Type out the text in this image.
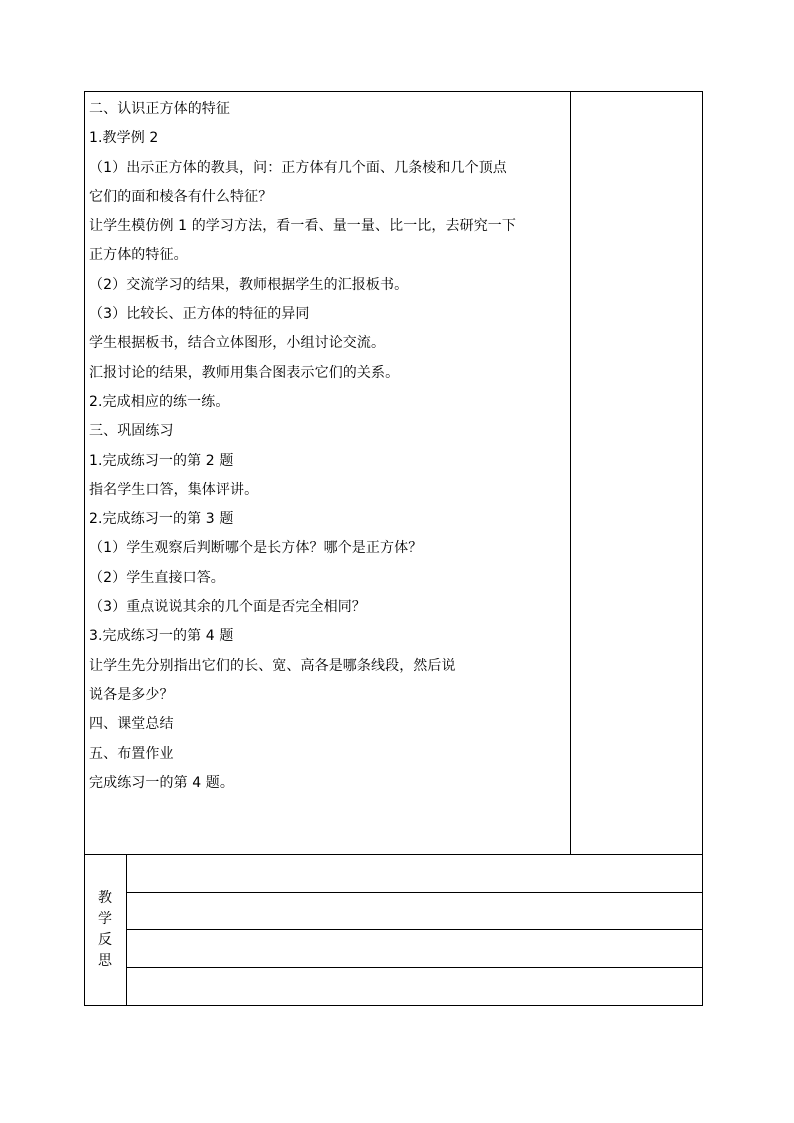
二、认识正方体的特征
1.教学例 2
（1）出示正方体的教具，问：正方体有几个面、几条棱和几个顶点
它们的面和棱各有什么特征？
让学生模仿例 1 的学习方法，看一看、量一量、比一比，去研究一下
正方体的特征。
（2）交流学习的结果，教师根据学生的汇报板书。
（3）比较长、正方体的特征的异同
学生根据板书，结合立体图形，小组讨论交流。
汇报讨论的结果，教师用集合图表示它们的关系。
2.完成相应的练一练。
三、巩固练习
1.完成练习一的第 2 题
指名学生口答，集体评讲。
2.完成练习一的第 3 题
（1）学生观察后判断哪个是长方体？哪个是正方体？
（2）学生直接口答。
（3）重点说说其余的几个面是否完全相同？
3.完成练习一的第 4 题
让学生先分别指出它们的长、宽、高各是哪条线段，然后说
说各是多少？
四、课堂总结
五、布置作业
完成练习一的第 4 题。
教
学
反
思
